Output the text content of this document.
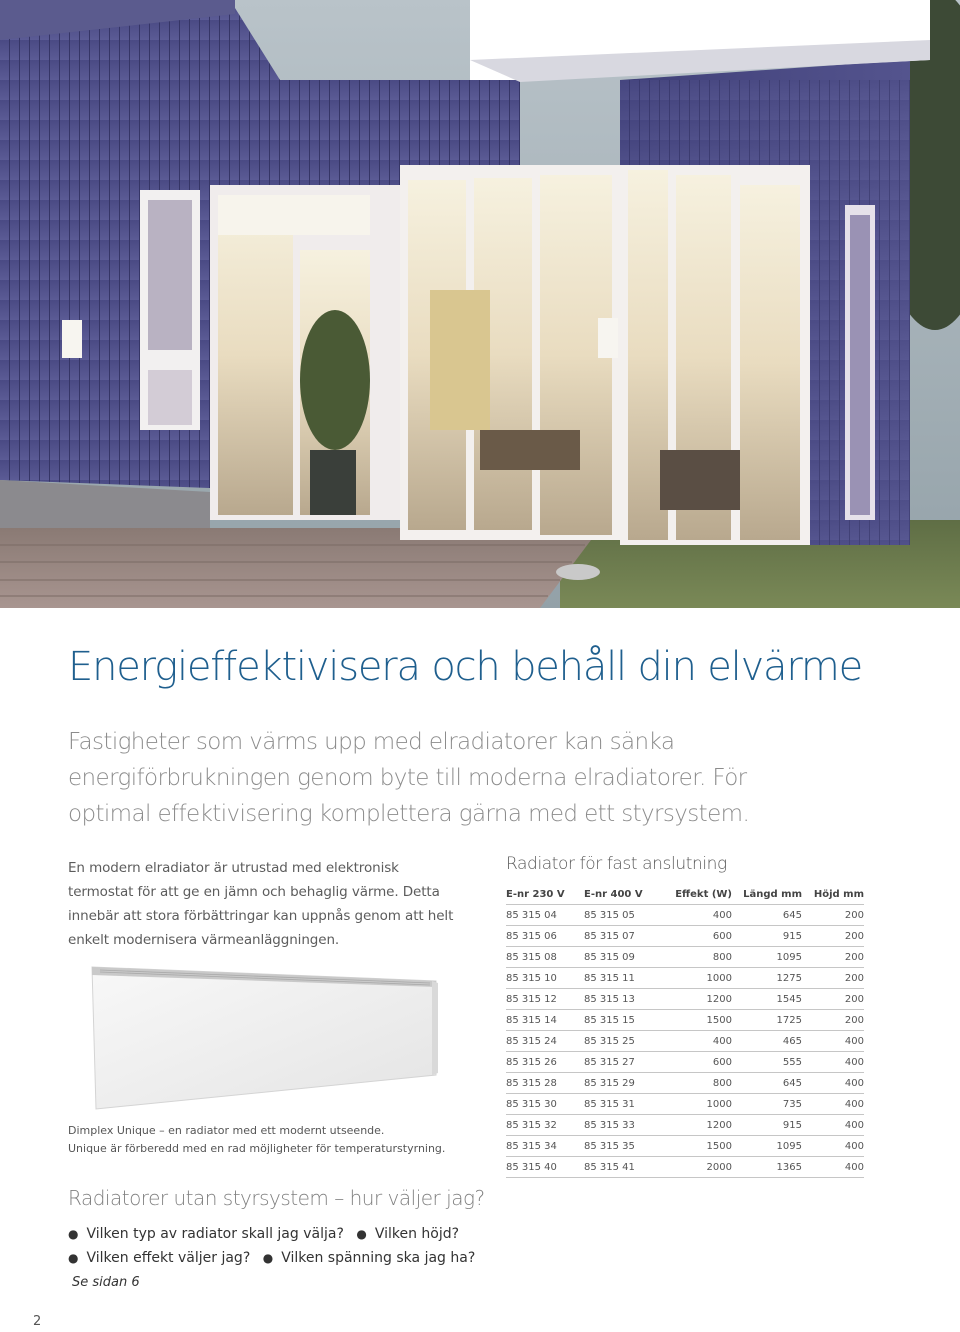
Energieffektivisera och behåll din elvärme

Fastigheter som värms upp med elradiatorer kan sänka energiförbrukningen genom byte till moderna elradiatorer. För optimal effektivisering komplettera gärna med ett styrsystem.

En modern elradiator är utrustad med elektronisk termostat för att ge en jämn och behaglig värme. Detta innebär att stora förbättringar kan uppnås genom att helt enkelt modernisera värmeanläggningen.

Dimplex Unique – en radiator med ett modernt utseende.
Unique är förberedd med en rad möjligheter för temperaturstyrning.
Radiator för fast anslutning
E-nr 230 V	E-nr 400 V	Effekt (W)	Längd mm	Höjd mm
85 315 04	85 315 05	400	645	200
85 315 06	85 315 07	600	915	200
85 315 08	85 315 09	800	1095	200
85 315 10	85 315 11	1000	1275	200
85 315 12	85 315 13	1200	1545	200
85 315 14	85 315 15	1500	1725	200
85 315 24	85 315 25	400	465	400
85 315 26	85 315 27	600	555	400
85 315 28	85 315 29	800	645	400
85 315 30	85 315 31	1000	735	400
85 315 32	85 315 33	1200	915	400
85 315 34	85 315 35	1500	1095	400
85 315 40	85 315 41	2000	1365	400
Radiatorer utan styrsystem – hur väljer jag?
● Vilken typ av radiator skall jag välja? ● Vilken höjd?
● Vilken effekt väljer jag? ● Vilken spänning ska jag ha?

Se sidan 6

2
